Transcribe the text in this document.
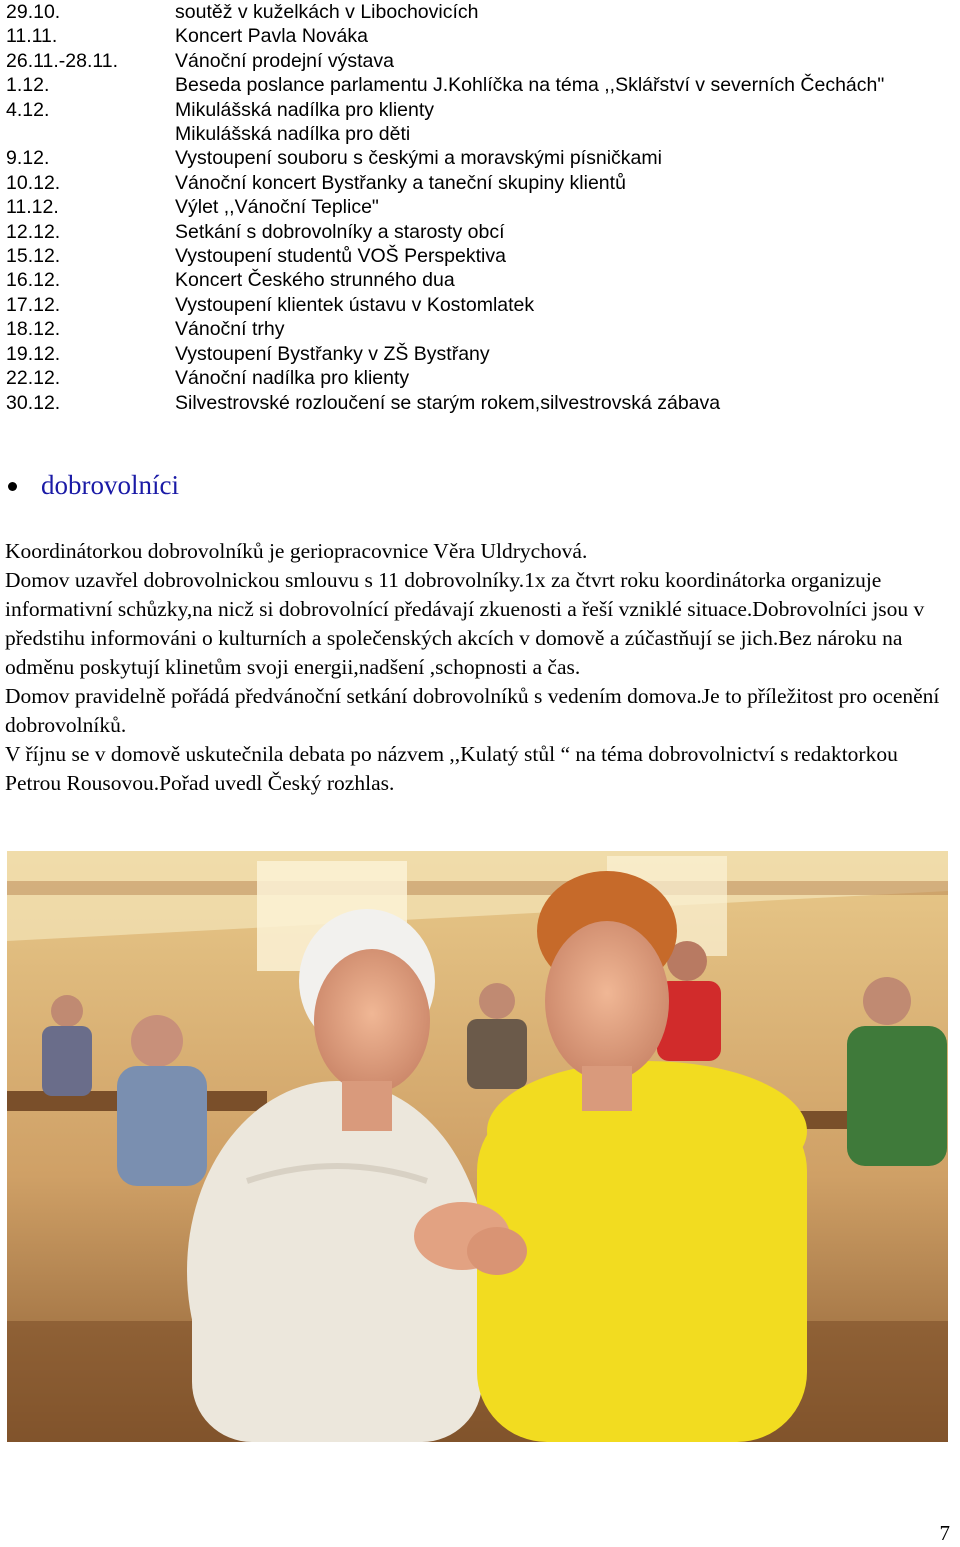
29.10.	soutěž v kuželkách v Libochovicích
11.11.	Koncert Pavla Nováka
26.11.-28.11.	Vánoční prodejní výstava
1.12.	Beseda poslance parlamentu J.Kohlíčka na téma ,,Sklářství v severních Čechách"
4.12.	Mikulášská nadílka pro klienty
Mikulášská nadílka pro děti
9.12.	Vystoupení souboru s českými a moravskými písničkami
10.12.	Vánoční koncert Bystřanky a taneční skupiny klientů
11.12.	Výlet ,,Vánoční Teplice"
12.12.	Setkání s dobrovolníky a starosty obcí
15.12.	Vystoupení studentů VOŠ Perspektiva
16.12.	Koncert Českého strunného dua
17.12.	Vystoupení klientek ústavu v Kostomlatek
18.12.	Vánoční trhy
19.12.	Vystoupení Bystřanky v ZŠ Bystřany
22.12.	Vánoční nadílka pro klienty
30.12.	Silvestrovské rozloučení se starým rokem,silvestrovská zábava
dobrovolníci

Koordinátorkou dobrovolníků je geriopracovnice Věra Uldrychová.

Domov uzavřel dobrovolnickou smlouvu s 11 dobrovolníky.1x za čtvrt roku koordinátorka organizuje informativní schůzky,na nicž si dobrovolnící předávají zkuenosti a řeší vzniklé situace.Dobrovolníci jsou v předstihu informováni o kulturních a společenských akcích v domově a zúčastňují se jich.Bez nároku na odměnu poskytují klinetům svoji energii,nadšení ,schopnosti a čas.

Domov pravidelně pořádá předvánoční setkání dobrovolníků s vedením domova.Je to příležitost pro ocenění dobrovolníků.

V říjnu se v domově uskutečnila debata po názvem ,,Kulatý stůl “ na téma dobrovolnictví s redaktorkou Petrou Rousovou.Pořad uvedl Český rozhlas.

7
